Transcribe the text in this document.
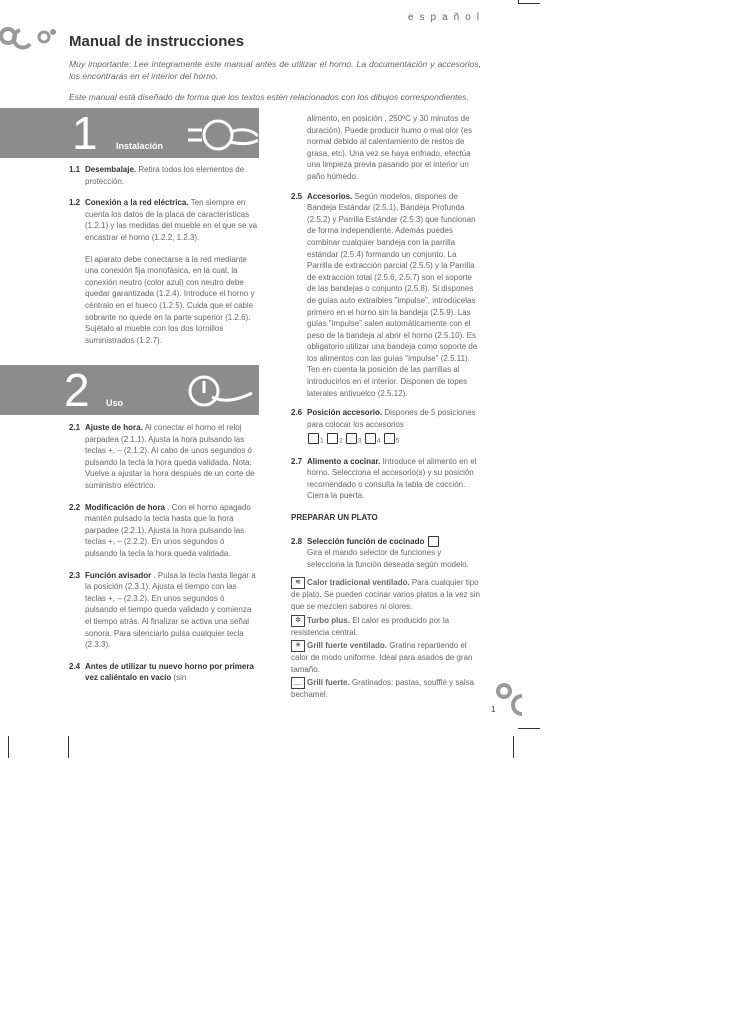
español
Manual de instrucciones
Muy importante: Lee íntegramente este manual antes de utilizar el horno. La documentación y accesorios, los encontrarás en el interior del horno.
Este manual está diseñado de forma que los textos estén relacionados con los dibujos correspondientes.
1 Instalación
1.1 Desembalaje. Retira todos los elementos de protección.
1.2 Conexión a la red eléctrica. Ten siempre en cuenta los datos de la placa de características (1.2.1) y las medidas del mueble en el que se va encastrar el horno (1.2.2, 1.2.3).
El aparato debe conectarse a la red mediante una conexión fija monofásica, en la cual, la conexión neutro (color azul) con neutro debe quedar garantizada (1.2.4). Introduce el horno y céntralo en el hueco (1.2.5). Cuida que el cable sobrante no quede en la parte superior (1.2.6). Sujétalo al mueble con los dos tornillos suministrados (1.2.7).
2 Uso
2.1 Ajuste de hora. Al conectar el horno el reloj parpadea (2.1.1). Ajusta la hora pulsando las teclas +, – (2.1.2). Al cabo de unos segundos ó pulsando la tecla la hora queda validada. Nota: Vuelve a ajustar la hora después de un corte de suministro eléctrico.
2.2 Modificación de hora . Con el horno apagado mantén pulsado la tecla hasta que la hora parpadee (2.2.1). Ajusta la hora pulsando las teclas +, – (2.2.2). En unos segundos ó pulsando la tecla la hora queda validada.
2.3 Función avisador . Pulsa la tecla hasta llegar a la posición (2.3.1). Ajusta el tiempo con las teclas +, – (2.3.2). En unos segundos ó pulsando el tiempo queda validado y comienza el tiempo atrás. Al finalizar se activa una señal sonora. Para silenciarlo pulsa cualquier tecla (2.3.3).
2.4 Antes de utilizar tu nuevo horno por primera vez caliéntalo en vacío (sin
alimento, en posición , 250ºC y 30 minutos de duración). Puede producir humo o mal olor (es normal debido al calentamiento de restos de grasa, etc). Una vez se haya enfriado, efectúa una limpieza previa pasando por el interior un paño húmedo.
2.5 Accesorios. Según modelos, dispones de Bandeja Estándar (2.5.1), Bandeja Profunda (2.5.2) y Parrilla Estándar (2.5.3) que funcionan de forma independiente. Además puedes combinar cualquier bandeja con la parrilla estándar (2.5.4) formando un conjunto. La Parrilla de extracción parcial (2.5.5) y la Parrilla de extracción total (2.5.6, 2.5.7) son el soporte de las bandejas o conjunto (2.5.8). Si dispones de guías auto extraíbles "impulse", introdúcelas primero en el horno sin la bandeja (2.5.9). Las guías "impulse" salen automáticamente con el peso de la bandeja al abrir el horno (2.5.10). Es obligatorio utilizar una bandeja como soporte de los alimentos con las guías "impulse" (2.5.11). Ten en cuenta la posición de las parrillas al introducirlos en el interior. Disponen de topes laterales antivuelco (2.5.12).
2.6 Posición accesorio. Dispones de 5 posiciones para colocar los accesorios
$_1$ $_2$ $_3$ $_4$ $_5$
2.7 Alimento a cocinar. Introduce el alimento en el horno. Selecciona el accesorio(s) y su posición recomendado o consulta la tabla de cocción. Cierra la puerta.
PREPARAR UN PLATO
2.8 Selección función de cocinado
Gira el mando selector de funciones y selecciona la función deseada según modelo.
≋ Calor tradicional ventilado. Para cualquier tipo de plato. Se pueden cocinar varios platos a la vez sin que se mezclen sabores ni olores.
✲ Turbo plus. El calor es producido por la resistencia central.
✳ Grill fuerte ventilado. Gratina repartiendo el calor de modo uniforme. Ideal para asados de gran tamaño.
﹏ Grill fuerte. Gratinados: pastas, soufflé y salsa bechamel.
1
